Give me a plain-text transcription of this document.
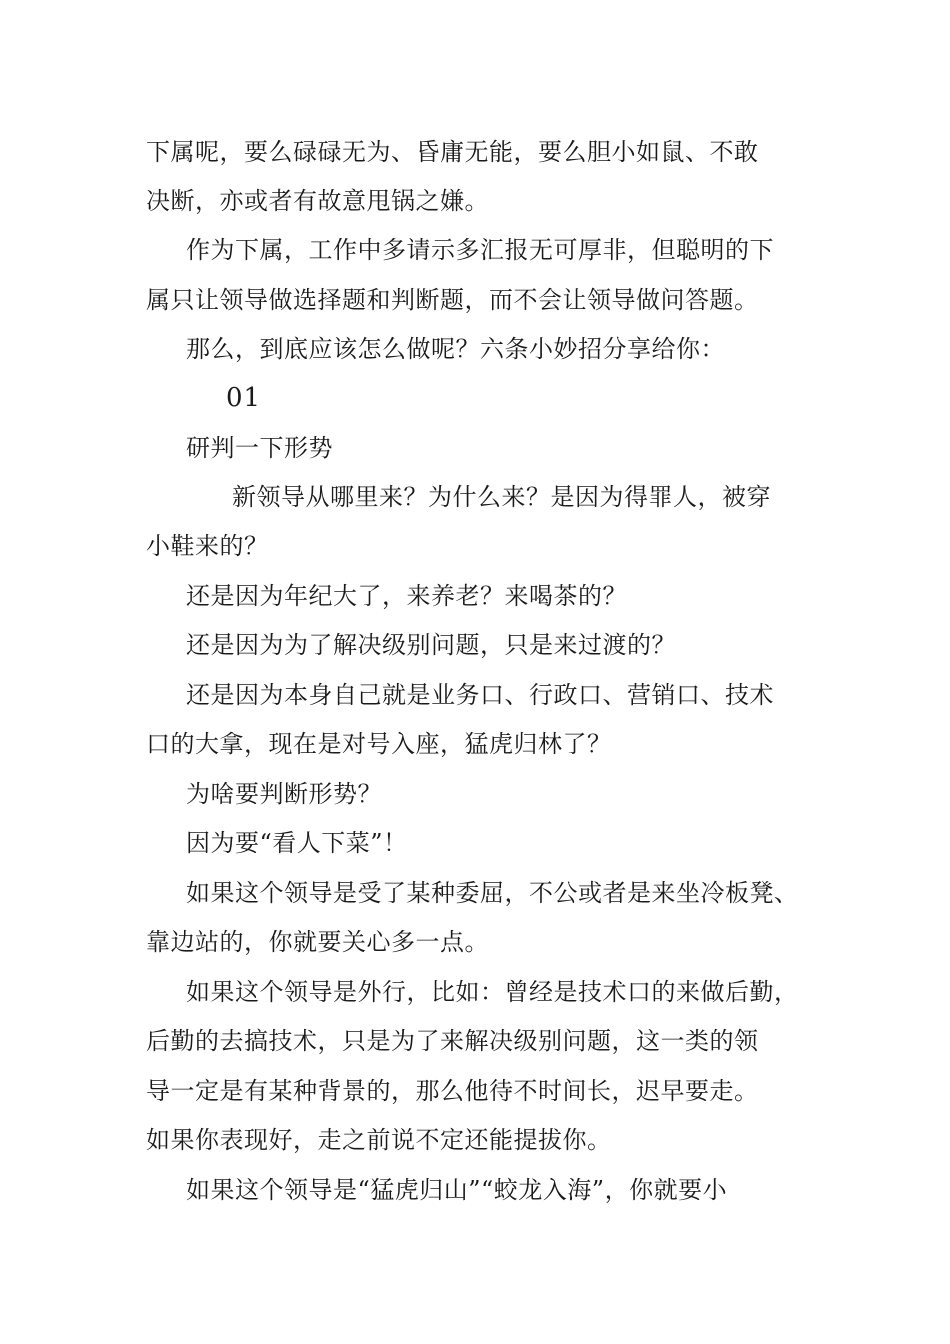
下属呢，要么碌碌无为、昏庸无能，要么胆小如鼠、不敢
决断，亦或者有故意甩锅之嫌。
作为下属，工作中多请示多汇报无可厚非，但聪明的下
属只让领导做选择题和判断题，而不会让领导做问答题。
那么，到底应该怎么做呢？六条小妙招分享给你：
01
研判一下形势
新领导从哪里来？为什么来？是因为得罪人，被穿
小鞋来的？
还是因为年纪大了，来养老？来喝茶的？
还是因为为了解决级别问题，只是来过渡的？
还是因为本身自己就是业务口、行政口、营销口、技术
口的大拿，现在是对号入座，猛虎归林了？
为啥要判断形势？
因为要“看人下菜”！
如果这个领导是受了某种委屈，不公或者是来坐冷板凳、
靠边站的，你就要关心多一点。
如果这个领导是外行，比如：曾经是技术口的来做后勤，
后勤的去搞技术，只是为了来解决级别问题，这一类的领
导一定是有某种背景的，那么他待不时间长，迟早要走。
如果你表现好，走之前说不定还能提拔你。
如果这个领导是“猛虎归山”“蛟龙入海”，你就要小
